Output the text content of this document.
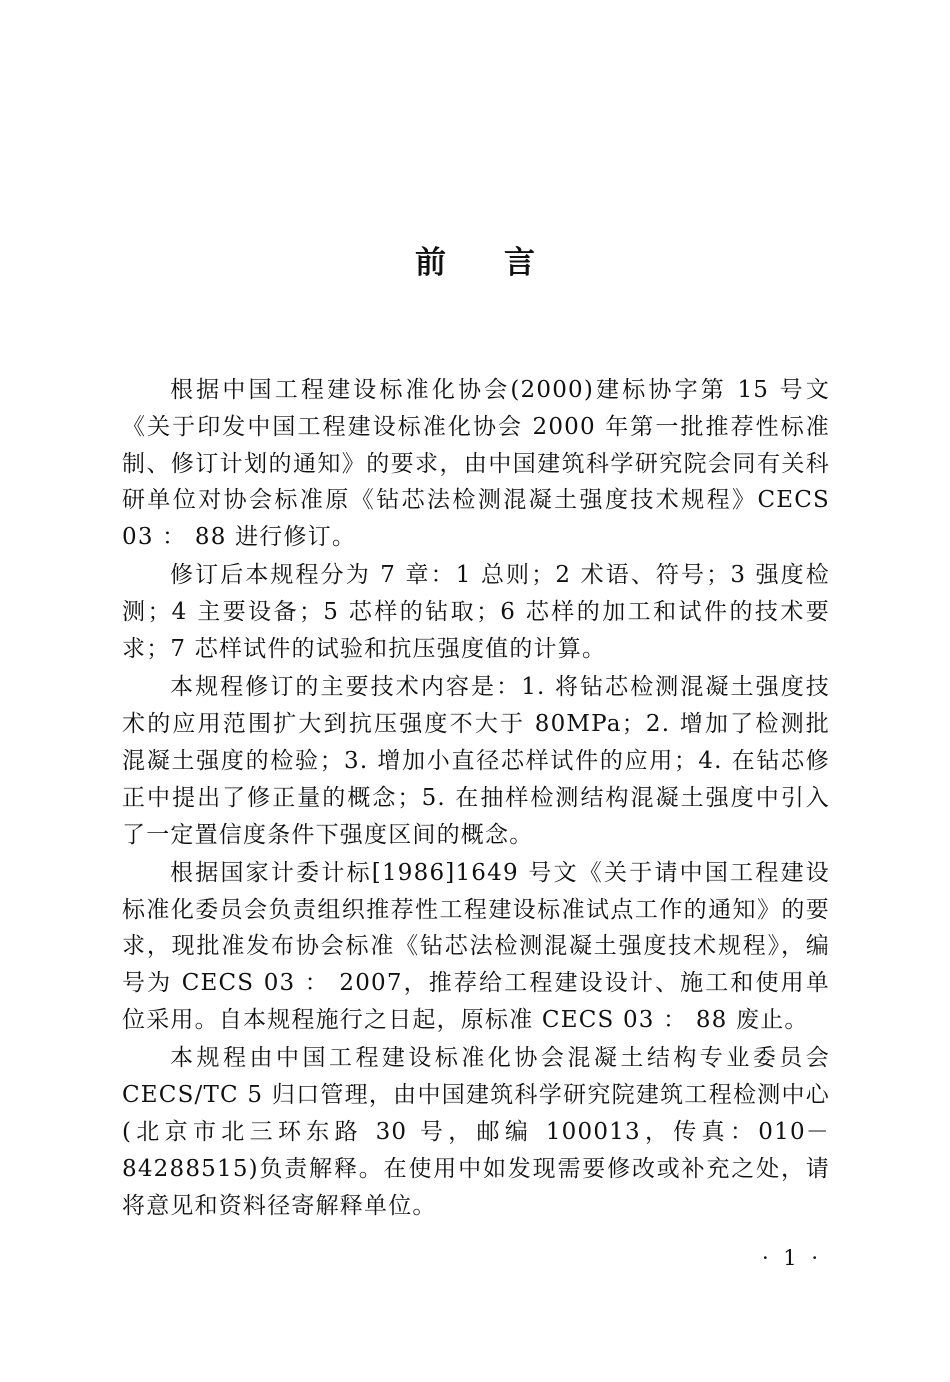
前言

根据中国工程建设标准化协会(2000)建标协字第 15 号文《关于印发中国工程建设标准化协会 2000 年第一批推荐性标准制、修订计划的通知》的要求，由中国建筑科学研究院会同有关科研单位对协会标准原《钻芯法检测混凝土强度技术规程》CECS 03 ： 88 进行修订。

修订后本规程分为 7 章：1 总则；2 术语、符号；3 强度检测；4 主要设备；5 芯样的钻取；6 芯样的加工和试件的技术要求；7 芯样试件的试验和抗压强度值的计算。

本规程修订的主要技术内容是：1. 将钻芯检测混凝土强度技术的应用范围扩大到抗压强度不大于 80MPa；2. 增加了检测批混凝土强度的检验；3. 增加小直径芯样试件的应用；4. 在钻芯修正中提出了修正量的概念；5. 在抽样检测结构混凝土强度中引入了一定置信度条件下强度区间的概念。

根据国家计委计标[1986]1649 号文《关于请中国工程建设标准化委员会负责组织推荐性工程建设标准试点工作的通知》的要求，现批准发布协会标准《钻芯法检测混凝土强度技术规程》，编号为 CECS 03 ： 2007，推荐给工程建设设计、施工和使用单位采用。自本规程施行之日起，原标准 CECS 03 ： 88 废止。

本规程由中国工程建设标准化协会混凝土结构专业委员会 CECS/TC 5 归口管理，由中国建筑科学研究院建筑工程检测中心(北京市北三环东路 30 号，邮编 100013，传真：010－84288515)负责解释。在使用中如发现需要修改或补充之处，请将意见和资料径寄解释单位。

· 1 ·
